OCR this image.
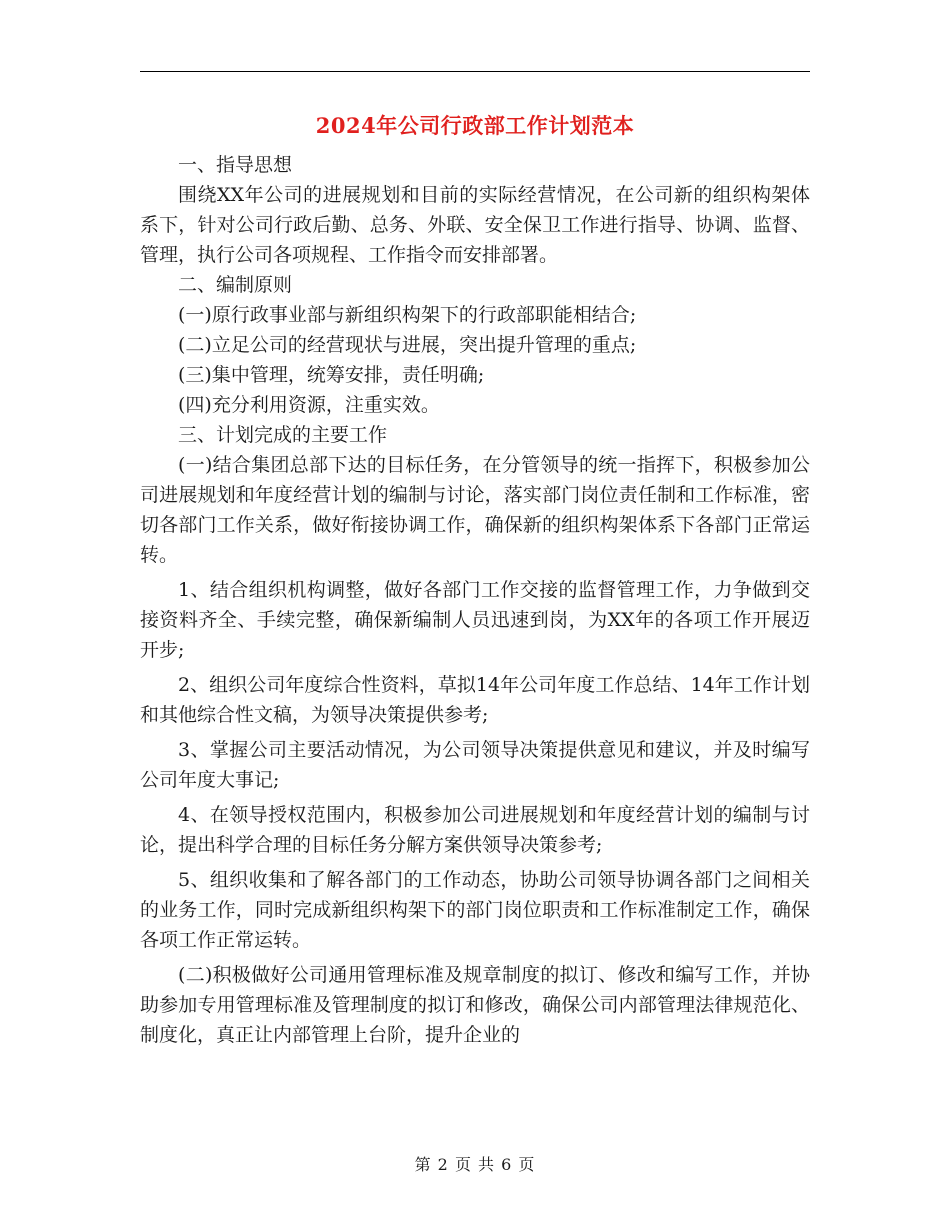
2024年公司行政部工作计划范本

一、指导思想

围绕XX年公司的进展规划和目前的实际经营情况，在公司新的组织构架体系下，针对公司行政后勤、总务、外联、安全保卫工作进行指导、协调、监督、管理，执行公司各项规程、工作指令而安排部署。

二、编制原则

(一)原行政事业部与新组织构架下的行政部职能相结合;

(二)立足公司的经营现状与进展，突出提升管理的重点;

(三)集中管理，统筹安排，责任明确;

(四)充分利用资源，注重实效。

三、计划完成的主要工作

(一)结合集团总部下达的目标任务，在分管领导的统一指挥下，积极参加公司进展规划和年度经营计划的编制与讨论，落实部门岗位责任制和工作标准，密切各部门工作关系，做好衔接协调工作，确保新的组织构架体系下各部门正常运转。

1、结合组织机构调整，做好各部门工作交接的监督管理工作，力争做到交接资料齐全、手续完整，确保新编制人员迅速到岗，为XX年的各项工作开展迈开步;

2、组织公司年度综合性资料，草拟14年公司年度工作总结、14年工作计划和其他综合性文稿，为领导决策提供参考;

3、掌握公司主要活动情况，为公司领导决策提供意见和建议，并及时编写公司年度大事记;

4、在领导授权范围内，积极参加公司进展规划和年度经营计划的编制与讨论，提出科学合理的目标任务分解方案供领导决策参考;

5、组织收集和了解各部门的工作动态，协助公司领导协调各部门之间相关的业务工作，同时完成新组织构架下的部门岗位职责和工作标准制定工作，确保各项工作正常运转。

(二)积极做好公司通用管理标准及规章制度的拟订、修改和编写工作，并协助参加专用管理标准及管理制度的拟订和修改，确保公司内部管理法律规范化、制度化，真正让内部管理上台阶，提升企业的

第 2 页 共 6 页
